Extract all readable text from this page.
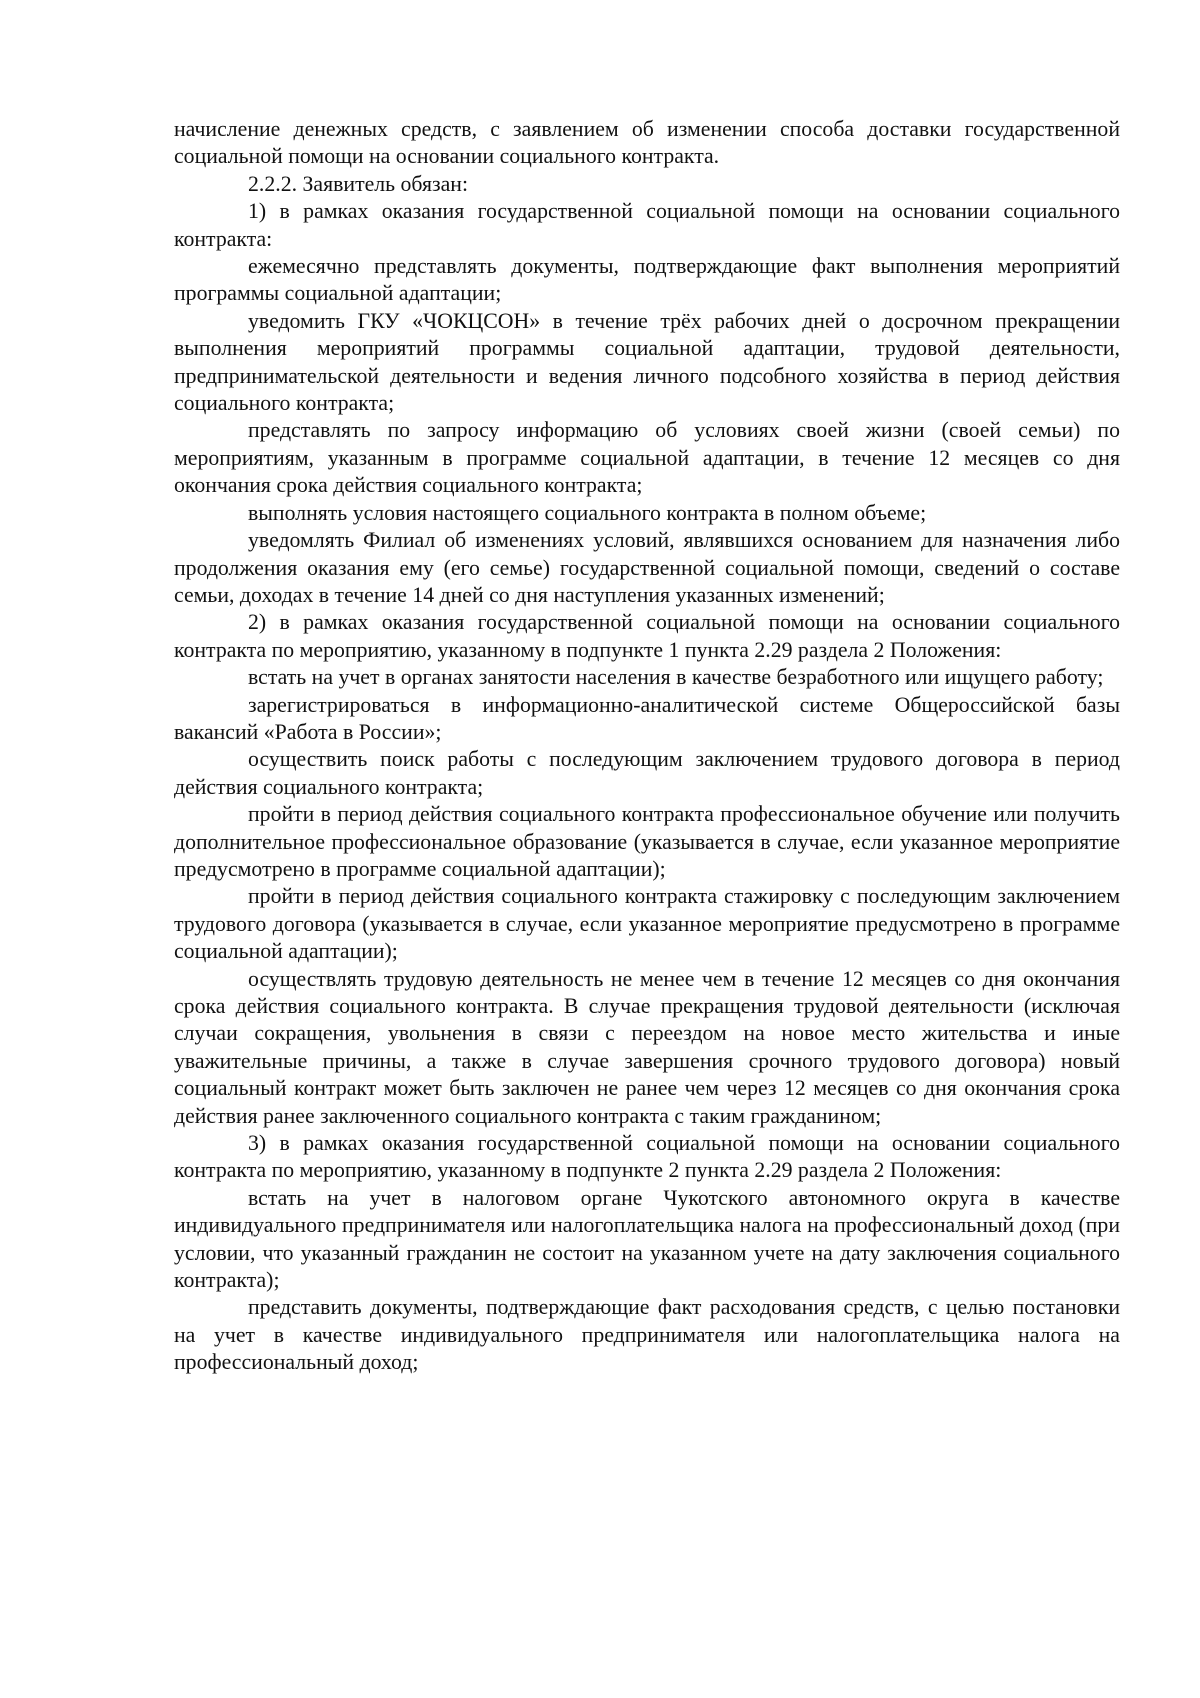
начисление денежных средств, с заявлением об изменении способа доставки государственной социальной помощи на основании социального контракта.

2.2.2. Заявитель обязан:

1) в рамках оказания государственной социальной помощи на основании социального контракта:

ежемесячно представлять документы, подтверждающие факт выполнения мероприятий программы социальной адаптации;

уведомить ГКУ «ЧОКЦСОН» в течение трёх рабочих дней о досрочном прекращении выполнения мероприятий программы социальной адаптации, трудовой деятельности, предпринимательской деятельности и ведения личного подсобного хозяйства в период действия социального контракта;

представлять по запросу информацию об условиях своей жизни (своей семьи) по мероприятиям, указанным в программе социальной адаптации, в течение 12 месяцев со дня окончания срока действия социального контракта;

выполнять условия настоящего социального контракта в полном объеме;

уведомлять Филиал об изменениях условий, являвшихся основанием для назначения либо продолжения оказания ему (его семье) государственной социальной помощи, сведений о составе семьи, доходах в течение 14 дней со дня наступления указанных изменений;

2) в рамках оказания государственной социальной помощи на основании социального контракта по мероприятию, указанному в подпункте 1 пункта 2.29 раздела 2 Положения:

встать на учет в органах занятости населения в качестве безработного или ищущего работу;

зарегистрироваться в информационно-аналитической системе Общероссийской базы вакансий «Работа в России»;

осуществить поиск работы с последующим заключением трудового договора в период действия социального контракта;

пройти в период действия социального контракта профессиональное обучение или получить дополнительное профессиональное образование (указывается в случае, если указанное мероприятие предусмотрено в программе социальной адаптации);

пройти в период действия социального контракта стажировку с последующим заключением трудового договора (указывается в случае, если указанное мероприятие предусмотрено в программе социальной адаптации);

осуществлять трудовую деятельность не менее чем в течение 12 месяцев со дня окончания срока действия социального контракта. В случае прекращения трудовой деятельности (исключая случаи сокращения, увольнения в связи с переездом на новое место жительства и иные уважительные причины, а также в случае завершения срочного трудового договора) новый социальный контракт может быть заключен не ранее чем через 12 месяцев со дня окончания срока действия ранее заключенного социального контракта с таким гражданином;

3) в рамках оказания государственной социальной помощи на основании социального контракта по мероприятию, указанному в подпункте 2 пункта 2.29 раздела 2 Положения:

встать на учет в налоговом органе Чукотского автономного округа в качестве индивидуального предпринимателя или налогоплательщика налога на профессиональный доход (при условии, что указанный гражданин не состоит на указанном учете на дату заключения социального контракта);

представить документы, подтверждающие факт расходования средств, с целью постановки на учет в качестве индивидуального предпринимателя или налогоплательщика налога на профессиональный доход;
